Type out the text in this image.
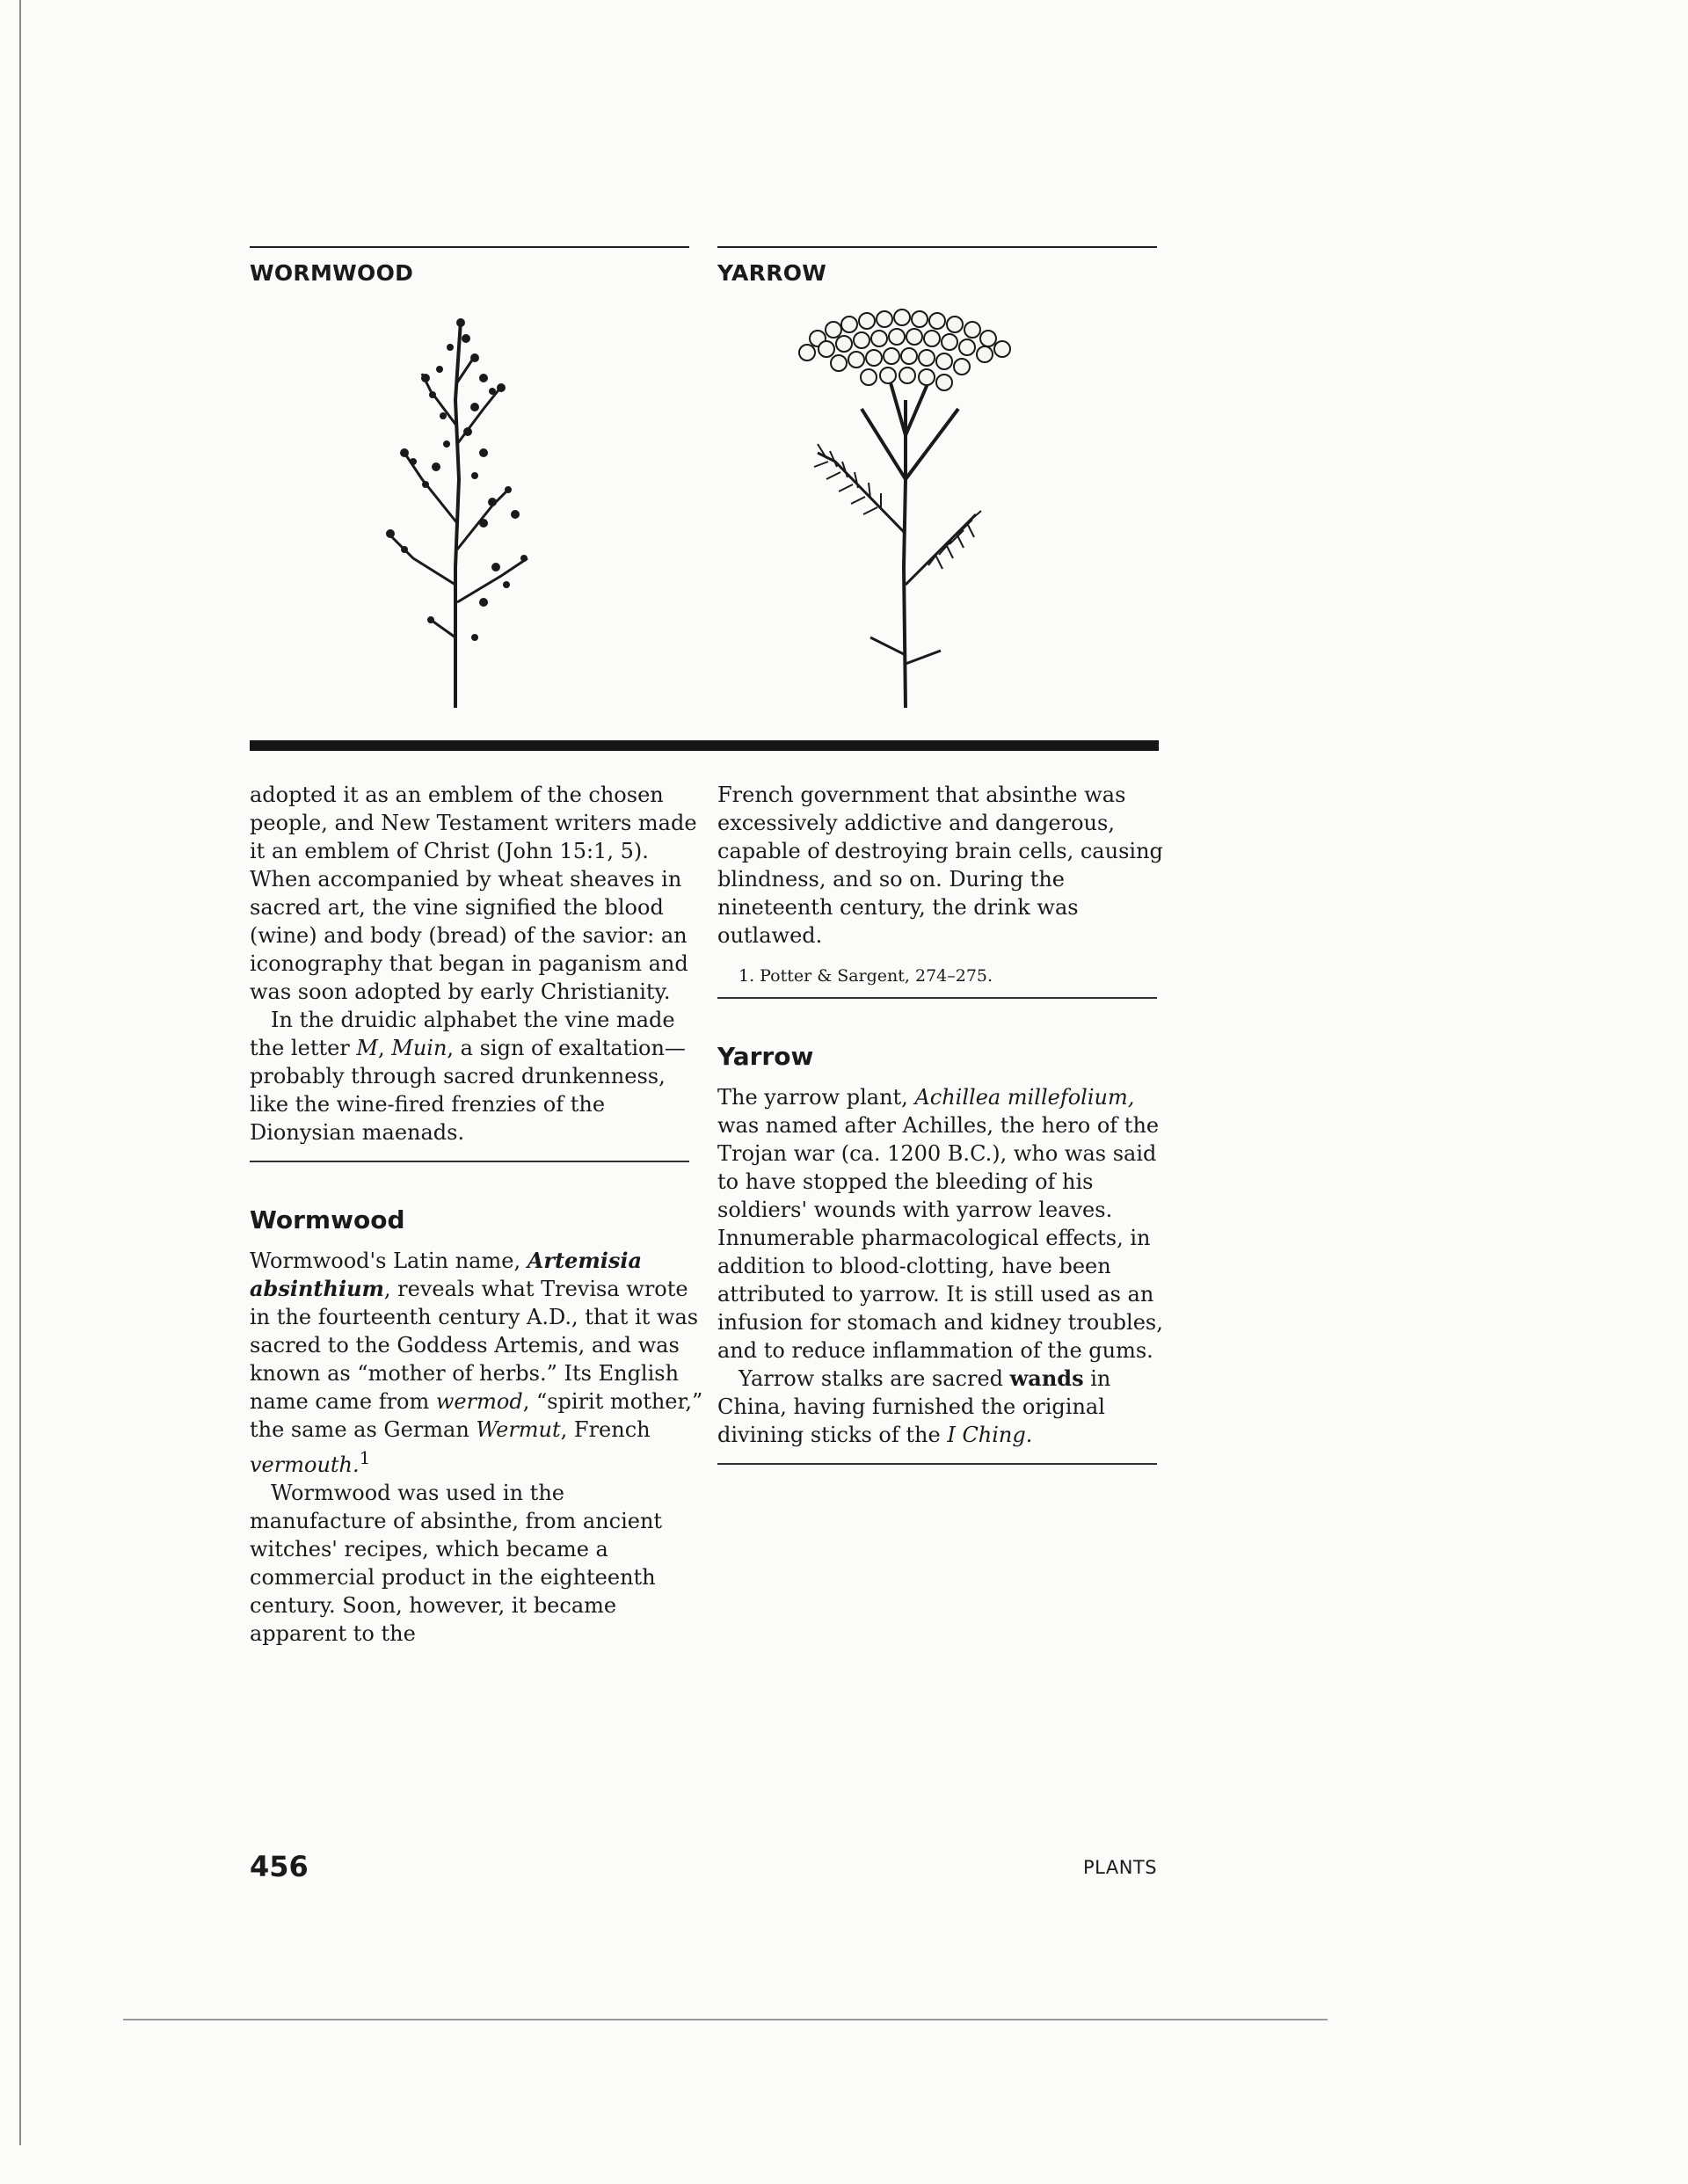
WORMWOOD	YARROW

adopted it as an emblem of the chosen people, and New Testament writers made it an emblem of Christ (John 15:1, 5). When accompanied by wheat sheaves in sacred art, the vine signified the blood (wine) and body (bread) of the savior: an iconography that began in paganism and was soon adopted by early Christianity.

In the druidic alphabet the vine made the letter M, Muin, a sign of exaltation—probably through sacred drunkenness, like the wine-fired frenzies of the Dionysian maenads.

Wormwood

Wormwood's Latin name, Artemisia absinthium, reveals what Trevisa wrote in the fourteenth century A.D., that it was sacred to the Goddess Artemis, and was known as “mother of herbs.” Its English name came from wermod, “spirit mother,” the same as German Wermut, French vermouth.$^1$

Wormwood was used in the manufacture of absinthe, from ancient witches' recipes, which became a commercial product in the eighteenth century. Soon, however, it became apparent to the

French government that absinthe was excessively addictive and dangerous, capable of destroying brain cells, causing blindness, and so on. During the nineteenth century, the drink was outlawed.

1. Potter & Sargent, 274–275.
Yarrow

The yarrow plant, Achillea millefolium, was named after Achilles, the hero of the Trojan war (ca. 1200 B.C.), who was said to have stopped the bleeding of his soldiers' wounds with yarrow leaves. Innumerable pharmacological effects, in addition to blood-clotting, have been attributed to yarrow. It is still used as an infusion for stomach and kidney troubles, and to reduce inflammation of the gums.

Yarrow stalks are sacred wands in China, having furnished the original divining sticks of the I Ching.

456	PLANTS
